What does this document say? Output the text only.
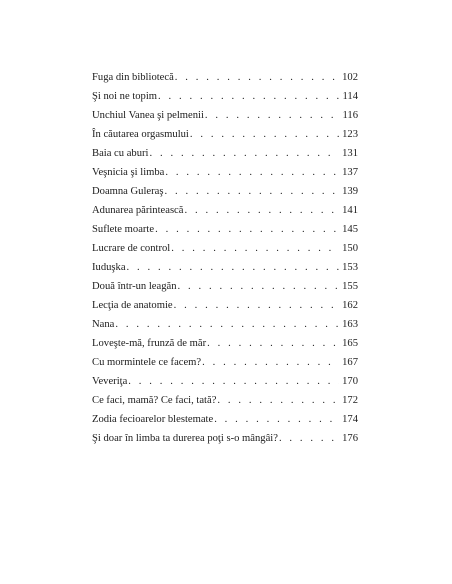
Fuga din bibliotecă . . .	102
Şi noi ne topim . . .	114
Unchiul Vanea şi pelmenii . . .	116
În căutarea orgasmului . . .	123
Baia cu aburi . . .	131
Veşnicia şi limba . . .	137
Doamna Guleraş . . .	139
Adunarea părintească . . .	141
Suflete moarte . . .	145
Lucrare de control . . .	150
Iuduşka . . .	153
Două într-un leagăn . . .	155
Lecţia de anatomie . . .	162
Nana . . .	163
Loveşte-mă, frunză de măr . . .	165
Cu mormintele ce facem? . . .	167
Veveriţa . . .	170
Ce faci, mamă? Ce faci, tată? . . .	172
Zodia fecioarelor blestemate . . .	174
Şi doar în limba ta durerea poţi s-o mângâi? . . .	176
